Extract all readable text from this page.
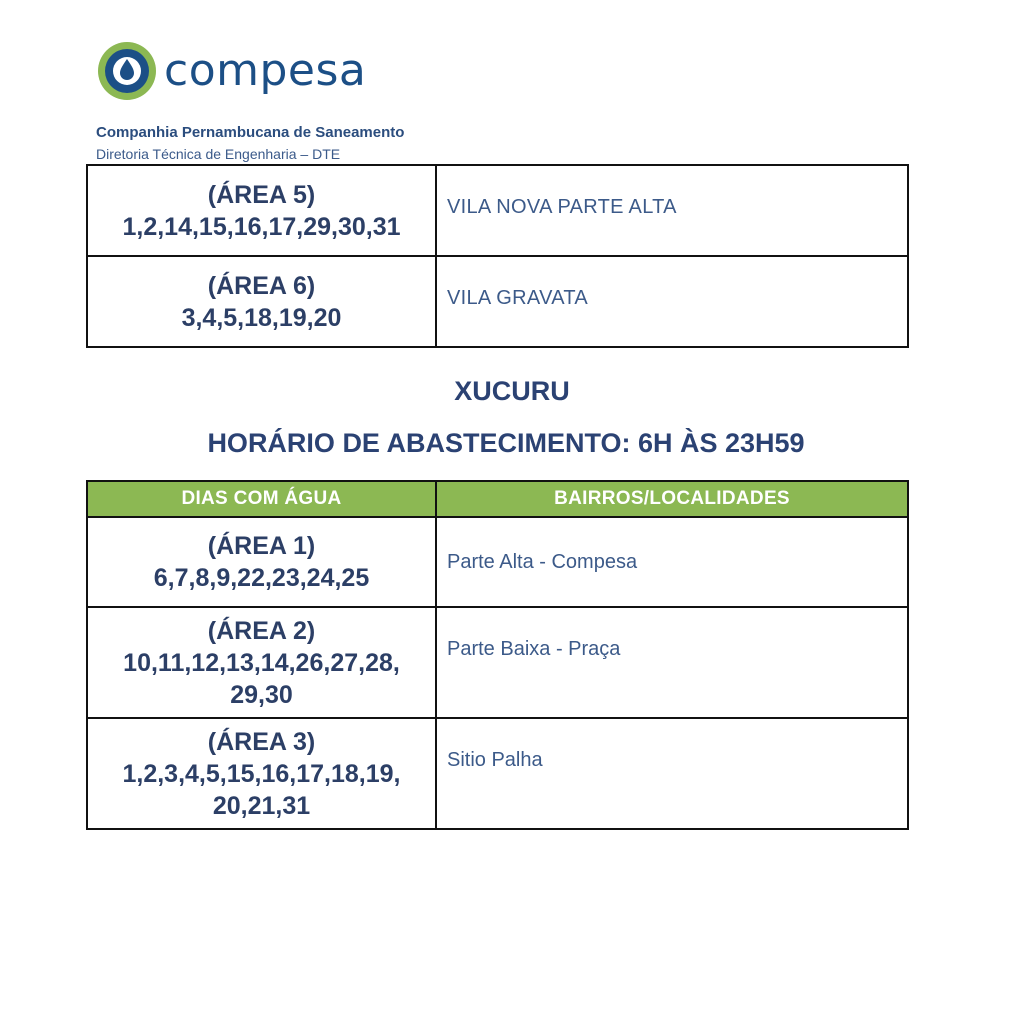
compesa
Companhia Pernambucana de Saneamento
Diretoria Técnica de Engenharia – DTE
(ÁREA 5)
1,2,14,15,16,17,29,30,31	VILA NOVA PARTE ALTA

(ÁREA 6)
3,4,5,18,19,20	VILA GRAVATA
XUCURU
HORÁRIO DE ABASTECIMENTO: 6H ÀS 23H59
DIAS COM ÁGUA	BAIRROS/LOCALIDADES

(ÁREA 1)
6,7,8,9,22,23,24,25	Parte Alta - Compesa

(ÁREA 2)
10,11,12,13,14,26,27,28,
29,30	Parte Baixa - Praça

(ÁREA 3)
1,2,3,4,5,15,16,17,18,19,
20,21,31	Sitio Palha
